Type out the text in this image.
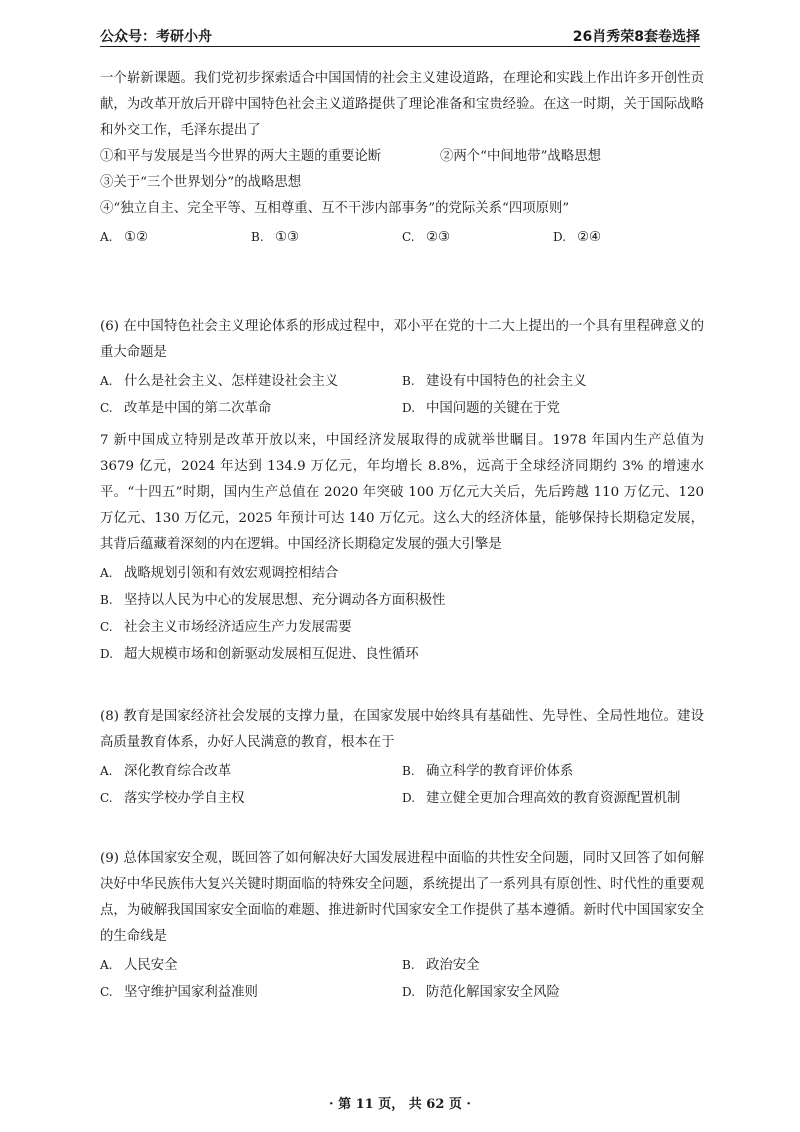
公众号：考研小舟	26肖秀荣8套卷选择

一个崭新课题。我们党初步探索适合中国国情的社会主义建设道路，在理论和实践上作出许多开创性贡献，为改革开放后开辟中国特色社会主义道路提供了理论准备和宝贵经验。在这一时期，关于国际战略和外交工作，毛泽东提出了

①和平与发展是当今世界的两大主题的重要论断	②两个“中间地带”战略思想

③关于“三个世界划分”的战略思想

④“独立自主、完全平等、互相尊重、互不干涉内部事务”的党际关系“四项原则”

A. ①②	B. ①③	C. ②③	D. ②④

(6) 在中国特色社会主义理论体系的形成过程中，邓小平在党的十二大上提出的一个具有里程碑意义的重大命题是

A. 什么是社会主义、怎样建设社会主义	B. 建设有中国特色的社会主义
C. 改革是中国的第二次革命	D. 中国问题的关键在于党

7 新中国成立特别是改革开放以来，中国经济发展取得的成就举世瞩目。1978 年国内生产总值为 3679 亿元，2024 年达到 134.9 万亿元，年均增长 8.8%，远高于全球经济同期约 3% 的增速水平。“十四五”时期，国内生产总值在 2020 年突破 100 万亿元大关后，先后跨越 110 万亿元、120 万亿元、130 万亿元，2025 年预计可达 140 万亿元。这么大的经济体量，能够保持长期稳定发展，其背后蕴藏着深刻的内在逻辑。中国经济长期稳定发展的强大引擎是

A. 战略规划引领和有效宏观调控相结合

B. 坚持以人民为中心的发展思想、充分调动各方面积极性

C. 社会主义市场经济适应生产力发展需要

D. 超大规模市场和创新驱动发展相互促进、良性循环

(8) 教育是国家经济社会发展的支撑力量，在国家发展中始终具有基础性、先导性、全局性地位。建设高质量教育体系，办好人民满意的教育，根本在于

A. 深化教育综合改革	B. 确立科学的教育评价体系
C. 落实学校办学自主权	D. 建立健全更加合理高效的教育资源配置机制

(9) 总体国家安全观，既回答了如何解决好大国发展进程中面临的共性安全问题，同时又回答了如何解决好中华民族伟大复兴关键时期面临的特殊安全问题，系统提出了一系列具有原创性、时代性的重要观点，为破解我国国家安全面临的难题、推进新时代国家安全工作提供了基本遵循。新时代中国国家安全的生命线是

A. 人民安全	B. 政治安全
C. 坚守维护国家利益准则	D. 防范化解国家安全风险
· 第 11 页， 共 62 页 ·
